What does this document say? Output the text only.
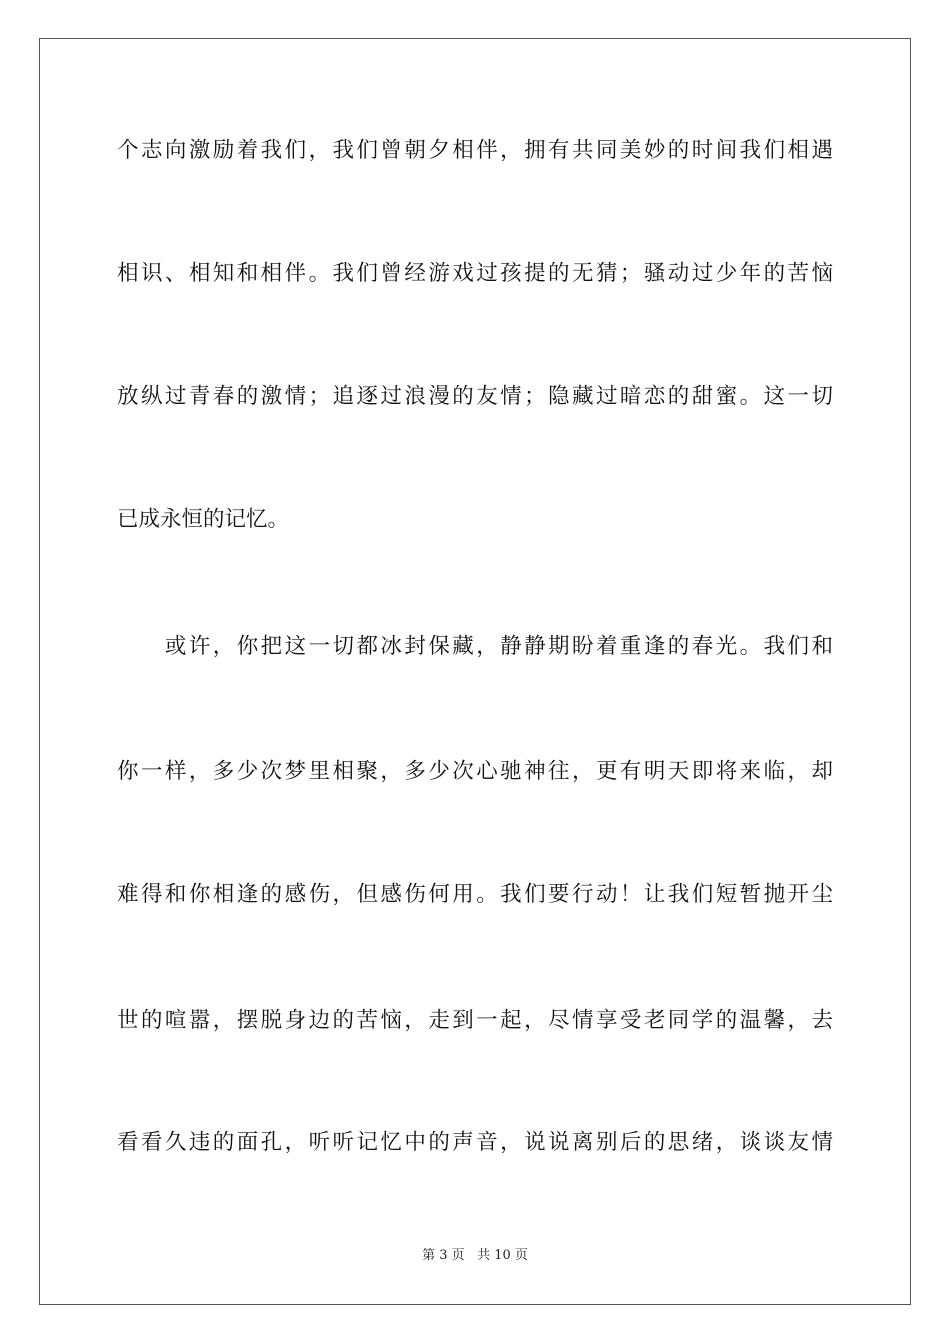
个志向激励着我们，我们曾朝夕相伴，拥有共同美妙的时间我们相遇
相识、相知和相伴。我们曾经游戏过孩提的无猜；骚动过少年的苦恼
放纵过青春的激情；追逐过浪漫的友情；隐藏过暗恋的甜蜜。这一切
已成永恒的记忆。
　　或许，你把这一切都冰封保藏，静静期盼着重逢的春光。我们和
你一样，多少次梦里相聚，多少次心驰神往，更有明天即将来临，却
难得和你相逢的感伤，但感伤何用。我们要行动！让我们短暂抛开尘
世的喧嚣，摆脱身边的苦恼，走到一起，尽情享受老同学的温馨，去
看看久违的面孔，听听记忆中的声音，说说离别后的思绪，谈谈友情
第 3 页 共 10 页
